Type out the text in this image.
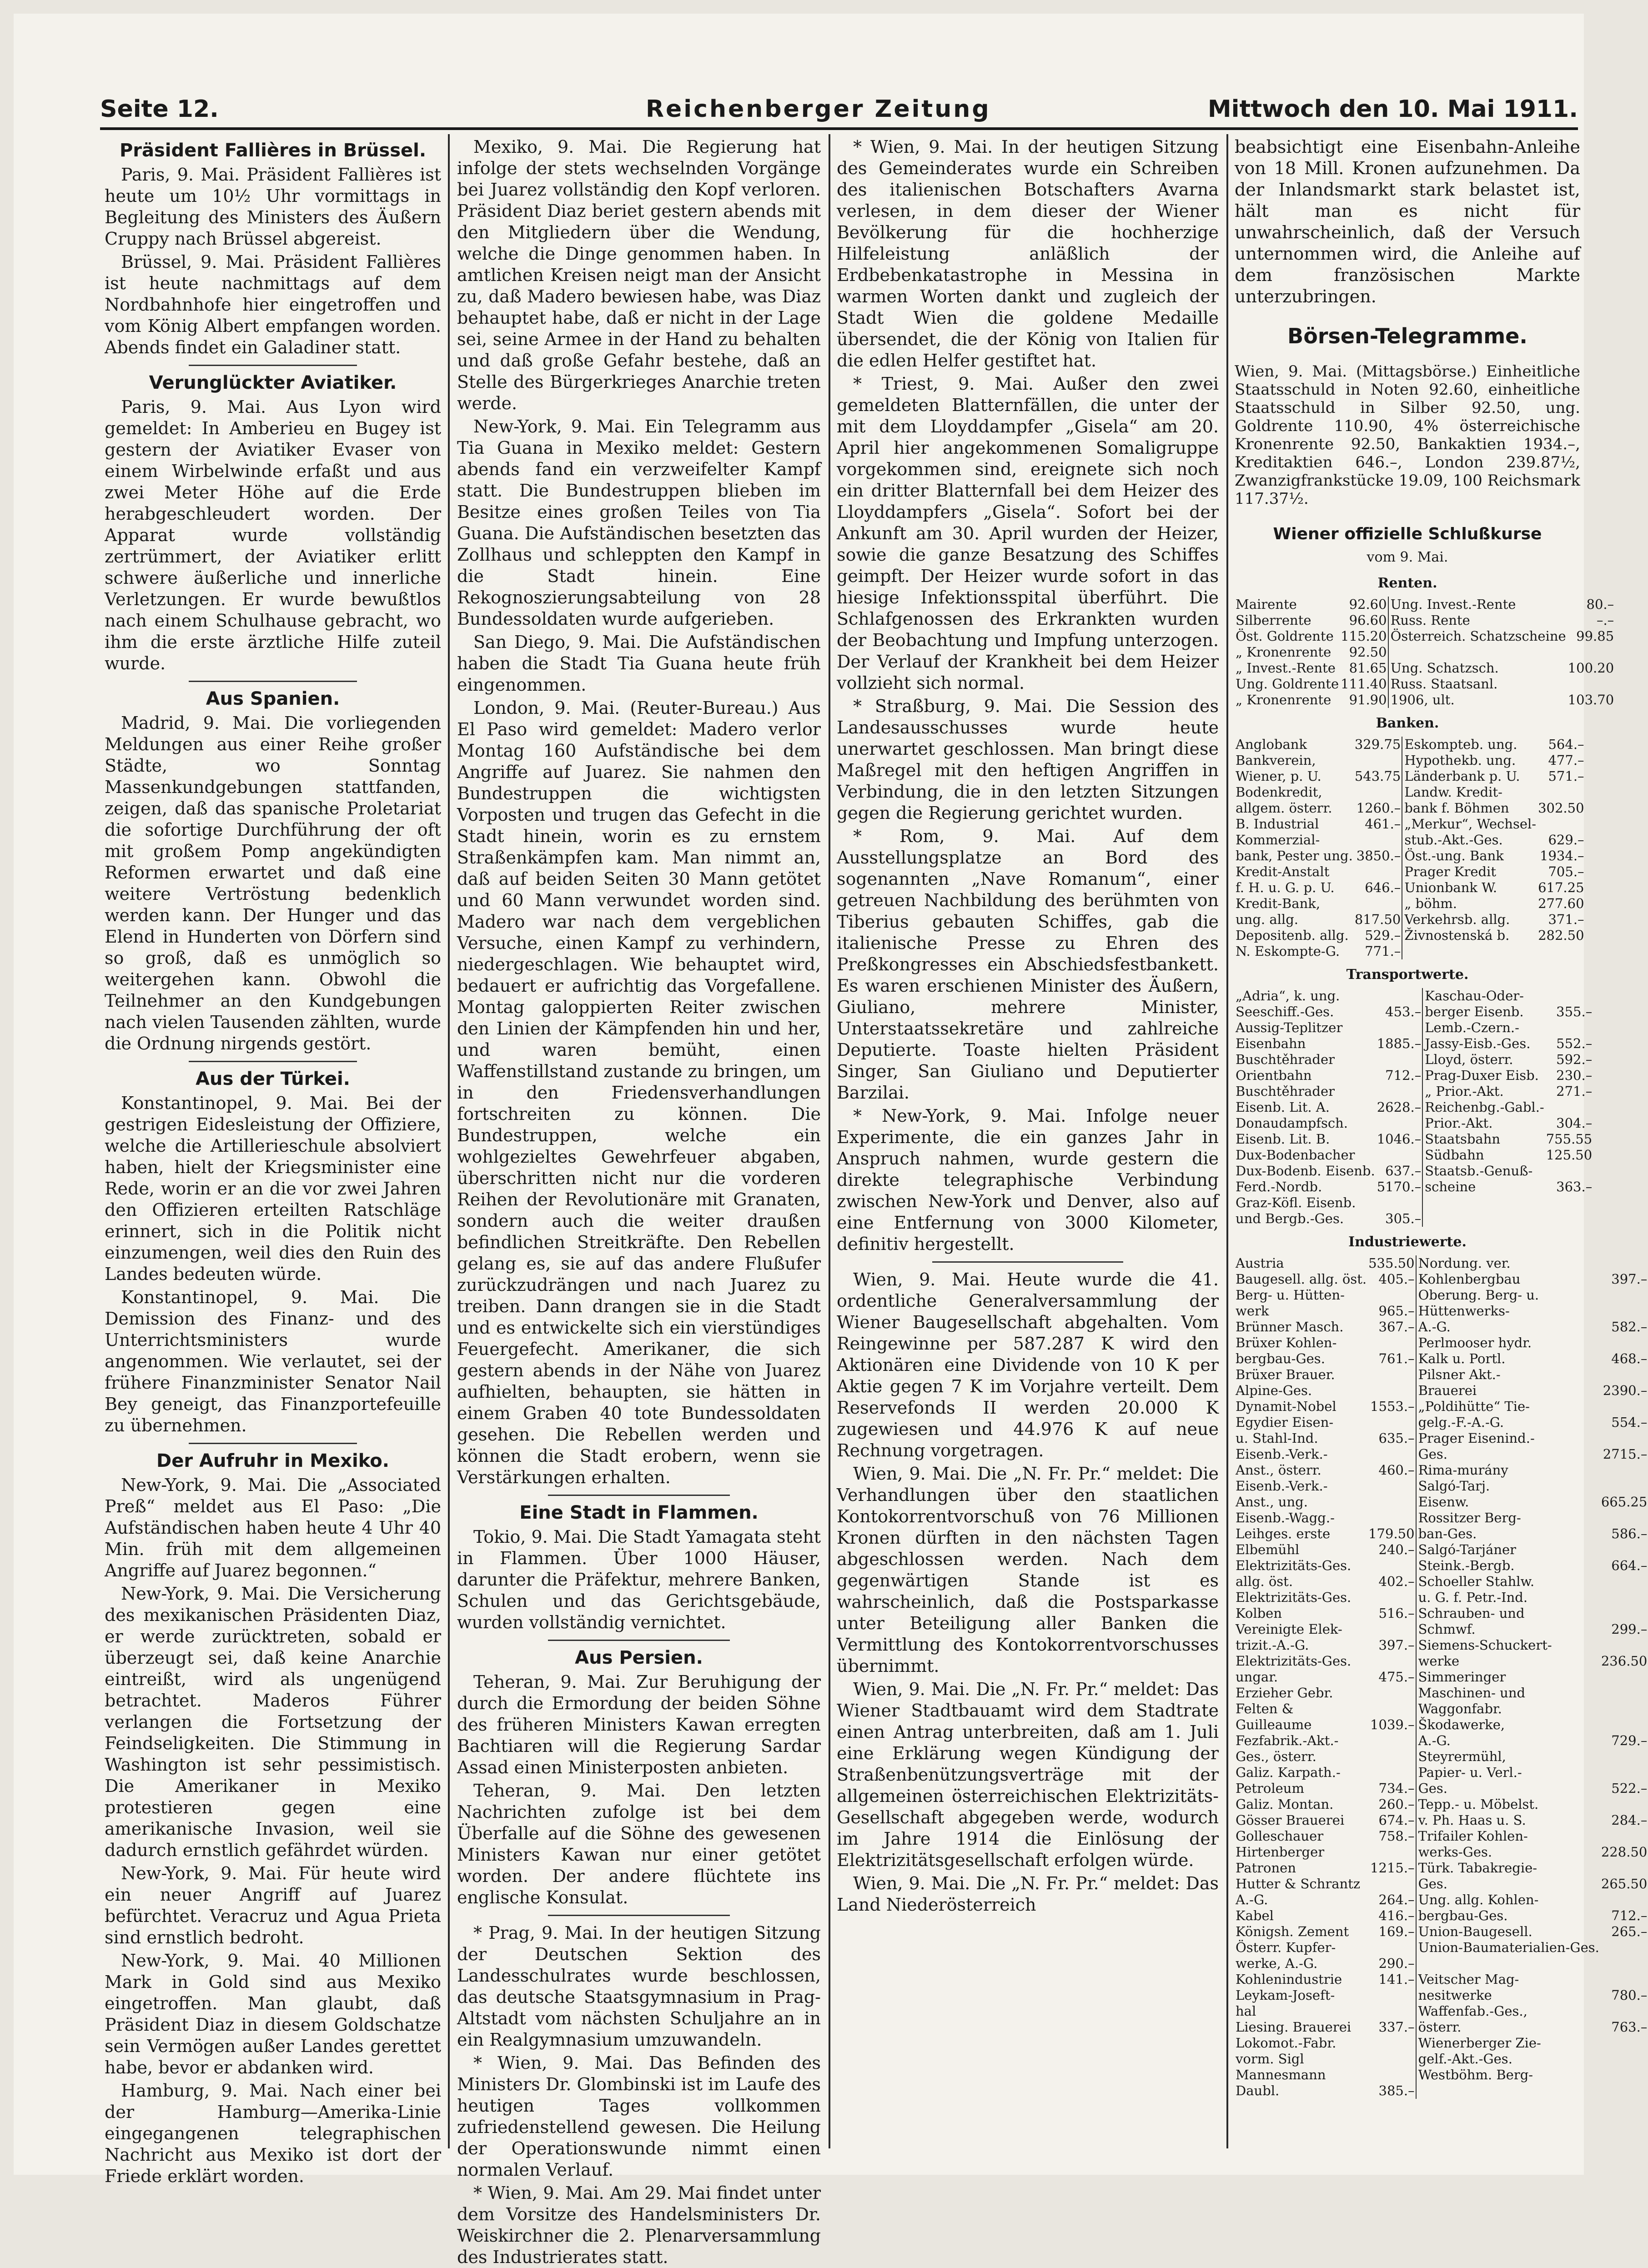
Seite 12.	Reichenberger Zeitung	Mittwoch den 10. Mai 1911.
Präsident Fallières in Brüssel.

Paris, 9. Mai. Präsident Fallières ist heute um 10½ Uhr vormittags in Begleitung des Ministers des Äußern Cruppy nach Brüssel abgereist.

Brüssel, 9. Mai. Präsident Fallières ist heute nachmittags auf dem Nordbahnhofe hier eingetroffen und vom König Albert empfangen worden. Abends findet ein Galadiner statt.

Verunglückter Aviatiker.

Paris, 9. Mai. Aus Lyon wird gemeldet: In Amberieu en Bugey ist gestern der Aviatiker Evaser von einem Wirbelwinde erfaßt und aus zwei Meter Höhe auf die Erde herabgeschleudert worden. Der Apparat wurde vollständig zertrümmert, der Aviatiker erlitt schwere äußerliche und innerliche Verletzungen. Er wurde bewußtlos nach einem Schulhause gebracht, wo ihm die erste ärztliche Hilfe zuteil wurde.

Aus Spanien.

Madrid, 9. Mai. Die vorliegenden Meldungen aus einer Reihe großer Städte, wo Sonntag Massenkundgebungen stattfanden, zeigen, daß das spanische Proletariat die sofortige Durchführung der oft mit großem Pomp angekündigten Reformen erwartet und daß eine weitere Vertröstung bedenklich werden kann. Der Hunger und das Elend in Hunderten von Dörfern sind so groß, daß es unmöglich so weitergehen kann. Obwohl die Teilnehmer an den Kundgebungen nach vielen Tausenden zählten, wurde die Ordnung nirgends gestört.

Aus der Türkei.

Konstantinopel, 9. Mai. Bei der gestrigen Eidesleistung der Offiziere, welche die Artillerieschule absolviert haben, hielt der Kriegsminister eine Rede, worin er an die vor zwei Jahren den Offizieren erteilten Ratschläge erinnert, sich in die Politik nicht einzumengen, weil dies den Ruin des Landes bedeuten würde.

Konstantinopel, 9. Mai. Die Demission des Finanz- und des Unterrichtsministers wurde angenommen. Wie verlautet, sei der frühere Finanzminister Senator Nail Bey geneigt, das Finanzportefeuille zu übernehmen.

Der Aufruhr in Mexiko.

New-York, 9. Mai. Die „Associated Preß“ meldet aus El Paso: „Die Aufständischen haben heute 4 Uhr 40 Min. früh mit dem allgemeinen Angriffe auf Juarez begonnen.“

New-York, 9. Mai. Die Versicherung des mexikanischen Präsidenten Diaz, er werde zurücktreten, sobald er überzeugt sei, daß keine Anarchie eintreißt, wird als ungenügend betrachtet. Maderos Führer verlangen die Fortsetzung der Feindseligkeiten. Die Stimmung in Washington ist sehr pessimistisch. Die Amerikaner in Mexiko protestieren gegen eine amerikanische Invasion, weil sie dadurch ernstlich gefährdet würden.

New-York, 9. Mai. Für heute wird ein neuer Angriff auf Juarez befürchtet. Veracruz und Agua Prieta sind ernstlich bedroht.

New-York, 9. Mai. 40 Millionen Mark in Gold sind aus Mexiko eingetroffen. Man glaubt, daß Präsident Diaz in diesem Goldschatze sein Vermögen außer Landes gerettet habe, bevor er abdanken wird.

Hamburg, 9. Mai. Nach einer bei der Hamburg—Amerika-Linie eingegangenen telegraphischen Nachricht aus Mexiko ist dort der Friede erklärt worden.

Mexiko, 9. Mai. Die Regierung hat infolge der stets wechselnden Vorgänge bei Juarez vollständig den Kopf verloren. Präsident Diaz beriet gestern abends mit den Mitgliedern über die Wendung, welche die Dinge genommen haben. In amtlichen Kreisen neigt man der Ansicht zu, daß Madero bewiesen habe, was Diaz behauptet habe, daß er nicht in der Lage sei, seine Armee in der Hand zu behalten und daß große Gefahr bestehe, daß an Stelle des Bürgerkrieges Anarchie treten werde.

New-York, 9. Mai. Ein Telegramm aus Tia Guana in Mexiko meldet: Gestern abends fand ein verzweifelter Kampf statt. Die Bundestruppen blieben im Besitze eines großen Teiles von Tia Guana. Die Aufständischen besetzten das Zollhaus und schleppten den Kampf in die Stadt hinein. Eine Rekognoszierungsabteilung von 28 Bundessoldaten wurde aufgerieben.

San Diego, 9. Mai. Die Aufständischen haben die Stadt Tia Guana heute früh eingenommen.

London, 9. Mai. (Reuter-Bureau.) Aus El Paso wird gemeldet: Madero verlor Montag 160 Aufständische bei dem Angriffe auf Juarez. Sie nahmen den Bundestruppen die wichtigsten Vorposten und trugen das Gefecht in die Stadt hinein, worin es zu ernstem Straßenkämpfen kam. Man nimmt an, daß auf beiden Seiten 30 Mann getötet und 60 Mann verwundet worden sind. Madero war nach dem vergeblichen Versuche, einen Kampf zu verhindern, niedergeschlagen. Wie behauptet wird, bedauert er aufrichtig das Vorgefallene. Montag galoppierten Reiter zwischen den Linien der Kämpfenden hin und her, und waren bemüht, einen Waffenstillstand zustande zu bringen, um in den Friedensverhandlungen fortschreiten zu können. Die Bundestruppen, welche ein wohlgezieltes Gewehrfeuer abgaben, überschritten nicht nur die vorderen Reihen der Revolutionäre mit Granaten, sondern auch die weiter draußen befindlichen Streitkräfte. Den Rebellen gelang es, sie auf das andere Flußufer zurückzudrängen und nach Juarez zu treiben. Dann drangen sie in die Stadt und es entwickelte sich ein vierstündiges Feuergefecht. Amerikaner, die sich gestern abends in der Nähe von Juarez aufhielten, behaupten, sie hätten in einem Graben 40 tote Bundessoldaten gesehen. Die Rebellen werden und können die Stadt erobern, wenn sie Verstärkungen erhalten.

Eine Stadt in Flammen.

Tokio, 9. Mai. Die Stadt Yamagata steht in Flammen. Über 1000 Häuser, darunter die Präfektur, mehrere Banken, Schulen und das Gerichtsgebäude, wurden vollständig vernichtet.

Aus Persien.

Teheran, 9. Mai. Zur Beruhigung der durch die Ermordung der beiden Söhne des früheren Ministers Kawan erregten Bachtiaren will die Regierung Sardar Assad einen Ministerposten anbieten.

Teheran, 9. Mai. Den letzten Nachrichten zufolge ist bei dem Überfalle auf die Söhne des gewesenen Ministers Kawan nur einer getötet worden. Der andere flüchtete ins englische Konsulat.

* Prag, 9. Mai. In der heutigen Sitzung der Deutschen Sektion des Landesschulrates wurde beschlossen, das deutsche Staatsgymnasium in Prag-Altstadt vom nächsten Schuljahre an in ein Realgymnasium umzuwandeln.

* Wien, 9. Mai. Das Befinden des Ministers Dr. Glombinski ist im Laufe des heutigen Tages vollkommen zufriedenstellend gewesen. Die Heilung der Operationswunde nimmt einen normalen Verlauf.

* Wien, 9. Mai. Am 29. Mai findet unter dem Vorsitze des Handelsministers Dr. Weiskirchner die 2. Plenarversammlung des Industrierates statt.

* Wien, 9. Mai. In der heutigen Sitzung des Gemeinderates wurde ein Schreiben des italienischen Botschafters Avarna verlesen, in dem dieser der Wiener Bevölkerung für die hochherzige Hilfeleistung anläßlich der Erdbebenkatastrophe in Messina in warmen Worten dankt und zugleich der Stadt Wien die goldene Medaille übersendet, die der König von Italien für die edlen Helfer gestiftet hat.

* Triest, 9. Mai. Außer den zwei gemeldeten Blatternfällen, die unter der mit dem Lloyddampfer „Gisela“ am 20. April hier angekommenen Somaligruppe vorgekommen sind, ereignete sich noch ein dritter Blatternfall bei dem Heizer des Lloyddampfers „Gisela“. Sofort bei der Ankunft am 30. April wurden der Heizer, sowie die ganze Besatzung des Schiffes geimpft. Der Heizer wurde sofort in das hiesige Infektionsspital überführt. Die Schlafgenossen des Erkrankten wurden der Beobachtung und Impfung unterzogen. Der Verlauf der Krankheit bei dem Heizer vollzieht sich normal.

* Straßburg, 9. Mai. Die Session des Landesausschusses wurde heute unerwartet geschlossen. Man bringt diese Maßregel mit den heftigen Angriffen in Verbindung, die in den letzten Sitzungen gegen die Regierung gerichtet wurden.

* Rom, 9. Mai. Auf dem Ausstellungsplatze an Bord des sogenannten „Nave Romanum“, einer getreuen Nachbildung des berühmten von Tiberius gebauten Schiffes, gab die italienische Presse zu Ehren des Preßkongresses ein Abschiedsfestbankett. Es waren erschienen Minister des Äußern, Giuliano, mehrere Minister, Unterstaatssekretäre und zahlreiche Deputierte. Toaste hielten Präsident Singer, San Giuliano und Deputierter Barzilai.

* New-York, 9. Mai. Infolge neuer Experimente, die ein ganzes Jahr in Anspruch nahmen, wurde gestern die direkte telegraphische Verbindung zwischen New-York und Denver, also auf eine Entfernung von 3000 Kilometer, definitiv hergestellt.

Wien, 9. Mai. Heute wurde die 41. ordentliche Generalversammlung der Wiener Baugesellschaft abgehalten. Vom Reingewinne per 587.287 K wird den Aktionären eine Dividende von 10 K per Aktie gegen 7 K im Vorjahre verteilt. Dem Reservefonds II werden 20.000 K zugewiesen und 44.976 K auf neue Rechnung vorgetragen.

Wien, 9. Mai. Die „N. Fr. Pr.“ meldet: Die Verhandlungen über den staatlichen Kontokorrentvorschuß von 76 Millionen Kronen dürften in den nächsten Tagen abgeschlossen werden. Nach dem gegenwärtigen Stande ist es wahrscheinlich, daß die Postsparkasse unter Beteiligung aller Banken die Vermittlung des Kontokorrentvorschusses übernimmt.

Wien, 9. Mai. Die „N. Fr. Pr.“ meldet: Das Wiener Stadtbauamt wird dem Stadtrate einen Antrag unterbreiten, daß am 1. Juli eine Erklärung wegen Kündigung der Straßenbenützungsverträge mit der allgemeinen österreichischen Elektrizitäts-Gesellschaft abgegeben werde, wodurch im Jahre 1914 die Einlösung der Elektrizitätsgesellschaft erfolgen würde.

Wien, 9. Mai. Die „N. Fr. Pr.“ meldet: Das Land Niederösterreich

beabsichtigt eine Eisenbahn-Anleihe von 18 Mill. Kronen aufzunehmen. Da der Inlandsmarkt stark belastet ist, hält man es nicht für unwahrscheinlich, daß der Versuch unternommen wird, die Anleihe auf dem französischen Markte unterzubringen.

Börsen-Telegramme.

Wien, 9. Mai. (Mittagsbörse.) Einheitliche Staatsschuld in Noten 92.60, einheitliche Staatsschuld in Silber 92.50, ung. Goldrente 110.90, 4% österreichische Kronenrente 92.50, Bankaktien 1934.–, Kreditaktien 646.–, London 239.87½, Zwanzigfrankstücke 19.09, 100 Reichsmark 117.37½.

Wiener offizielle Schlußkurse
vom 9. Mai.
Renten.
Mairente	92.60	Ung. Invest.-Rente	80.–
Silberrente	96.60	Russ. Rente	–.–
Öst. Goldrente	115.20	Österreich. Schatzscheine	99.85
„ Kronenrente	92.50		
„ Invest.-Rente	81.65	Ung. Schatzsch.	100.20
Ung. Goldrente	111.40	Russ. Staatsanl.	
„ Kronenrente	91.90	1906, ult.	103.70
Banken.
Anglobank	329.75	Eskompteb. ung.	564.–
Bankverein,		Hypothekb. ung.	477.–
Wiener, p. U.	543.75	Länderbank p. U.	571.–
Bodenkredit,		Landw. Kredit-	
allgem. österr.	1260.–	bank f. Böhmen	302.50
B. Industrial	461.–	„Merkur“, Wechsel-	
Kommerzial-		stub.-Akt.-Ges.	629.–
bank, Pester ung.	3850.–	Öst.-ung. Bank	1934.–
Kredit-Anstalt		Prager Kredit	705.–
f. H. u. G. p. U.	646.–	Unionbank W.	617.25
Kredit-Bank,		„ böhm.	277.60
ung. allg.	817.50	Verkehrsb. allg.	371.–
Depositenb. allg.	529.–	Živnostenská b.	282.50
N. Eskompte-G.	771.–		
Transportwerte.
„Adria“, k. ung.		Kaschau-Oder-	
Seeschiff.-Ges.	453.–	berger Eisenb.	355.–
Aussig-Teplitzer		Lemb.-Czern.-	
Eisenbahn	1885.–	Jassy-Eisb.-Ges.	552.–
Buschtěhrader		Lloyd, österr.	592.–
Orientbahn	712.–	Prag-Duxer Eisb.	230.–
Buschtěhrader		„ Prior.-Akt.	271.–
Eisenb. Lit. A.	2628.–	Reichenbg.-Gabl.-	
Donaudampfsch.		Prior.-Akt.	304.–
Eisenb. Lit. B.	1046.–	Staatsbahn	755.55
Dux-Bodenbacher		Südbahn	125.50
Dux-Bodenb. Eisenb.	637.–	Staatsb.-Genuß-	
Ferd.-Nordb.	5170.–	scheine	363.–
Graz-Köfl. Eisenb.			
und Bergb.-Ges.	305.–		
Industriewerte.
Austria	535.50	Nordung. ver.	
Baugesell. allg. öst.	405.–	Kohlenbergbau	397.–
Berg- u. Hütten-		Oberung. Berg- u.	
werk	965.–	Hüttenwerks-	
Brünner Masch.	367.–	A.-G.	582.–
Brüxer Kohlen-		Perlmooser hydr.	
bergbau-Ges.	761.–	Kalk u. Portl.	468.–
Brüxer Brauer.		Pilsner Akt.-	
Alpine-Ges.		Brauerei	2390.–
Dynamit-Nobel	1553.–	„Poldihütte“ Tie-	
Egydier Eisen-		gelg.-F.-A.-G.	554.–
u. Stahl-Ind.	635.–	Prager Eisenind.-	
Eisenb.-Verk.-		Ges.	2715.–
Anst., österr.	460.–	Rima-murány	
Eisenb.-Verk.-		Salgó-Tarj.	
Anst., ung.		Eisenw.	665.25
Eisenb.-Wagg.-		Rossitzer Berg-	
Leihges. erste	179.50	ban-Ges.	586.–
Elbemühl	240.–	Salgó-Tarjáner	
Elektrizitäts-Ges.		Steink.-Bergb.	664.–
allg. öst.	402.–	Schoeller Stahlw.	
Elektrizitäts-Ges.		u. G. f. Petr.-Ind.	
Kolben	516.–	Schrauben- und	
Vereinigte Elek-		Schmwf.	299.–
trizit.-A.-G.	397.–	Siemens-Schuckert-	
Elektrizitäts-Ges.		werke	236.50
ungar.	475.–	Simmeringer	
Erzieher Gebr.		Maschinen- und	
Felten &		Waggonfabr.	
Guilleaume	1039.–	Škodawerke,	
Fezfabrik.-Akt.-		A.-G.	729.–
Ges., österr.		Steyrermühl,	
Galiz. Karpath.-		Papier- u. Verl.-	
Petroleum	734.–	Ges.	522.–
Galiz. Montan.	260.–	Tepp.- u. Möbelst.	
Gösser Brauerei	674.–	v. Ph. Haas u. S.	284.–
Golleschauer	758.–	Trifailer Kohlen-	
Hirtenberger		werks-Ges.	228.50
Patronen	1215.–	Türk. Tabakregie-	
Hutter & Schrantz		Ges.	265.50
A.-G.	264.–	Ung. allg. Kohlen-	
Kabel	416.–	bergbau-Ges.	712.–
Königsh. Zement	169.–	Union-Baugesell.	265.–
Österr. Kupfer-		Union-Baumaterialien-Ges.	
werke, A.-G.	290.–		
Kohlenindustrie	141.–	Veitscher Mag-	
Leykam-Joseft-		nesitwerke	780.–
hal		Waffenfab.-Ges.,	
Liesing. Brauerei	337.–	österr.	763.–
Lokomot.-Fabr.		Wienerberger Zie-	
vorm. Sigl		gelf.-Akt.-Ges.	
Mannesmann		Westböhm. Berg-	
Daubl.	385.–		
